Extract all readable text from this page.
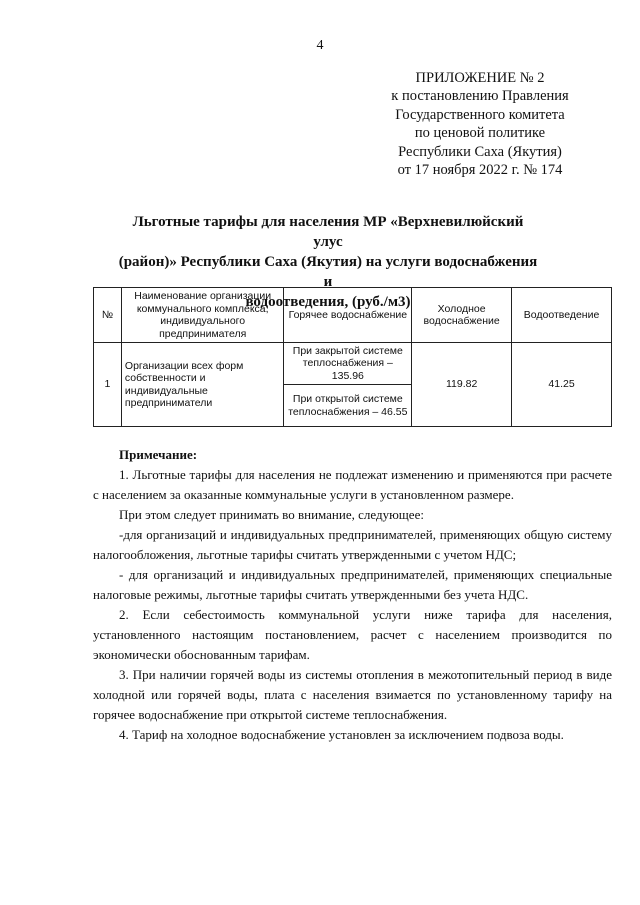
4
ПРИЛОЖЕНИЕ № 2
к постановлению Правления
Государственного комитета
по ценовой политике
Республики Саха (Якутия)
от 17 ноября 2022 г. № 174
Льготные тарифы для населения МР «Верхневилюйский улус
(район)» Республики Саха (Якутия) на услуги водоснабжения и
водоотведения, (руб./м3)
№	Наименование организации коммунального комплекса, индивидуального предпринимателя	Горячее водоснабжение	Холодное водоснабжение	Водоотведение
1	Организации всех форм собственности и индивидуальные предприниматели	При закрытой системе теплоснабжения – 135.96	119.82	41.25
		При открытой системе теплоснабжения – 46.55		

Примечание:

1. Льготные тарифы для населения не подлежат изменению и применяются при расчете с населением за оказанные коммунальные услуги в установленном размере.

При этом следует принимать во внимание, следующее:

-для организаций и индивидуальных предпринимателей, применяющих общую систему налогообложения, льготные тарифы считать утвержденными с учетом НДС;

- для организаций и индивидуальных предпринимателей, применяющих специальные налоговые режимы, льготные тарифы считать утвержденными без учета НДС.

2. Если себестоимость коммунальной услуги ниже тарифа для населения, установленного настоящим постановлением, расчет с населением производится по экономически обоснованным тарифам.

3. При наличии горячей воды из системы отопления в межотопительный период в виде холодной или горячей воды, плата с населения взимается по установленному тарифу на горячее водоснабжение при открытой системе теплоснабжения.

4. Тариф на холодное водоснабжение установлен за исключением подвоза воды.
